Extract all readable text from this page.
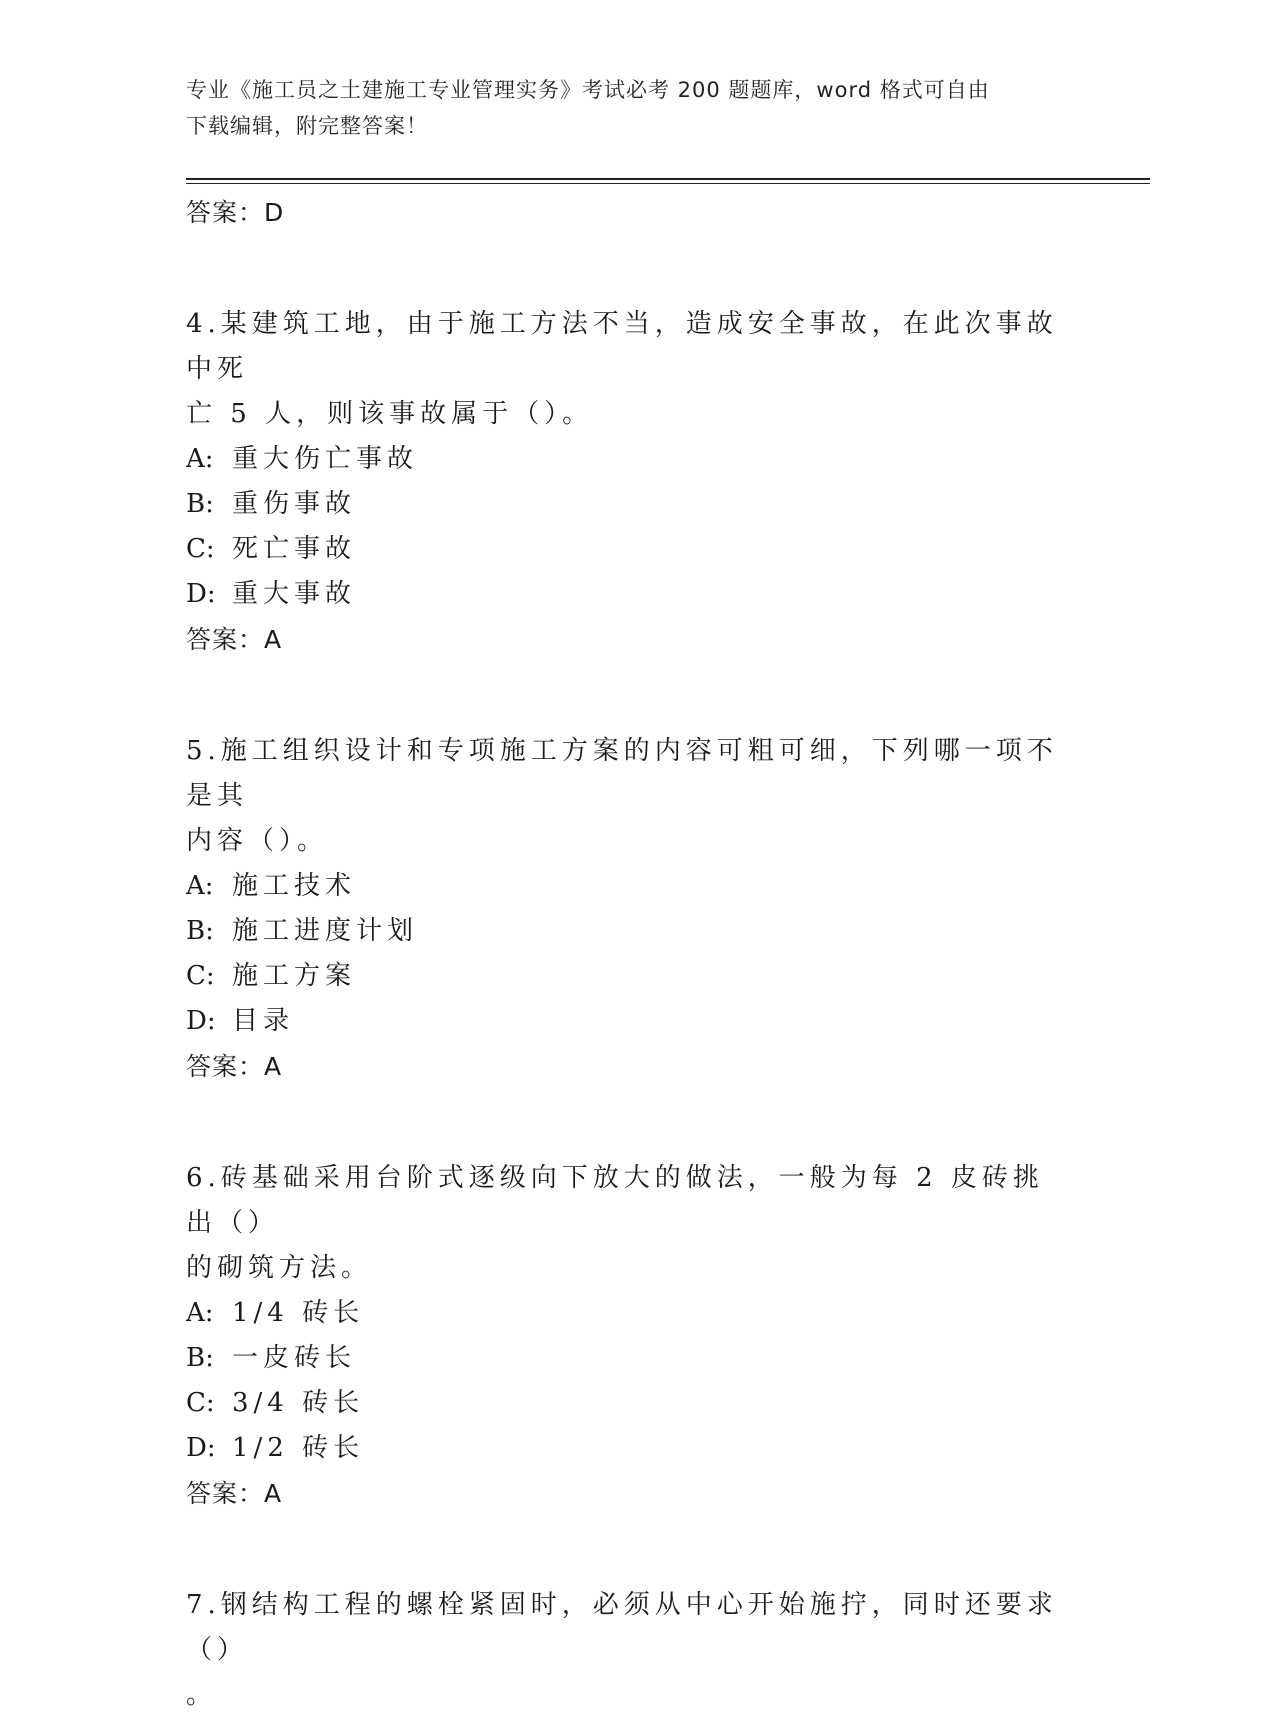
专业《施工员之土建施工专业管理实务》考试必考 200 题题库，word 格式可自由
下载编辑，附完整答案！
答案：D
4.某建筑工地，由于施工方法不当，造成安全事故，在此次事故中死
亡 5 人，则该事故属于（）。
A: 重大伤亡事故
B: 重伤事故
C: 死亡事故
D: 重大事故
答案：A
5.施工组织设计和专项施工方案的内容可粗可细，下列哪一项不是其
内容（）。
A: 施工技术
B: 施工进度计划
C: 施工方案
D: 目录
答案：A
6.砖基础采用台阶式逐级向下放大的做法，一般为每 2 皮砖挑出（）
的砌筑方法。
A: 1/4 砖长
B: 一皮砖长
C: 3/4 砖长
D: 1/2 砖长
答案：A
7.钢结构工程的螺栓紧固时，必须从中心开始施拧，同时还要求（）
。
